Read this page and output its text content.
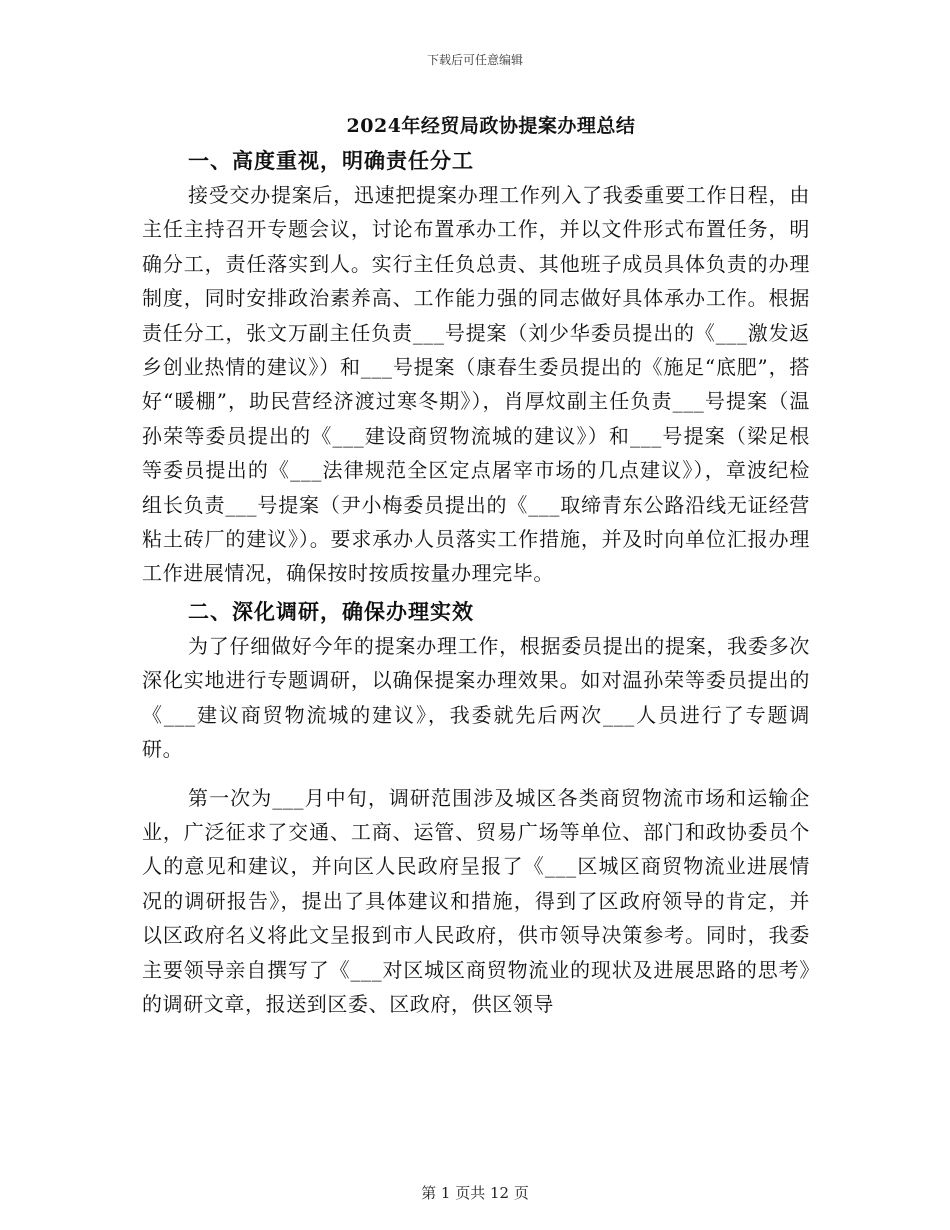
下载后可任意编辑
2024年经贸局政协提案办理总结
一、高度重视，明确责任分工

接受交办提案后，迅速把提案办理工作列入了我委重要工作日程，由主任主持召开专题会议，讨论布置承办工作，并以文件形式布置任务，明确分工，责任落实到人。实行主任负总责、其他班子成员具体负责的办理制度，同时安排政治素养高、工作能力强的同志做好具体承办工作。根据责任分工，张文万副主任负责___号提案（刘少华委员提出的《___激发返乡创业热情的建议》）和___号提案（康春生委员提出的《施足“底肥”，搭好“暖棚”，助民营经济渡过寒冬期》），肖厚炆副主任负责___号提案（温孙荣等委员提出的《___建设商贸物流城的建议》）和___号提案（梁足根等委员提出的《___法律规范全区定点屠宰市场的几点建议》），章波纪检组长负责___号提案（尹小梅委员提出的《___取缔青东公路沿线无证经营粘土砖厂的建议》）。要求承办人员落实工作措施，并及时向单位汇报办理工作进展情况，确保按时按质按量办理完毕。

二、深化调研，确保办理实效

为了仔细做好今年的提案办理工作，根据委员提出的提案，我委多次深化实地进行专题调研，以确保提案办理效果。如对温孙荣等委员提出的《___建议商贸物流城的建议》，我委就先后两次___人员进行了专题调研。

第一次为___月中旬，调研范围涉及城区各类商贸物流市场和运输企业，广泛征求了交通、工商、运管、贸易广场等单位、部门和政协委员个人的意见和建议，并向区人民政府呈报了《___区城区商贸物流业进展情况的调研报告》，提出了具体建议和措施，得到了区政府领导的肯定，并以区政府名义将此文呈报到市人民政府，供市领导决策参考。同时，我委主要领导亲自撰写了《___对区城区商贸物流业的现状及进展思路的思考》的调研文章，报送到区委、区政府，供区领导

第 1 页共 12 页
